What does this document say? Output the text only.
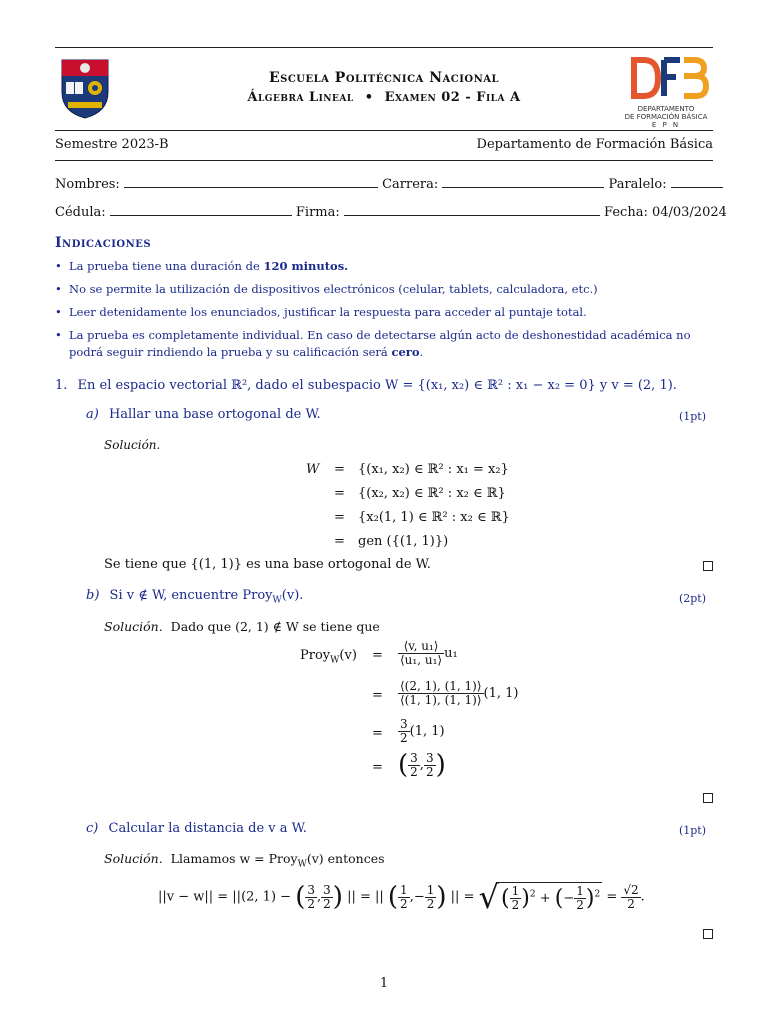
Escuela Politécnica Nacional
Álgebra Lineal • Examen 02 - Fila A
DEPARTAMENTO
DE FORMACIÓN BÁSICA
E P N
Semestre 2023-B	Departamento de Formación Básica
Nombres:	Carrera:	Paralelo:
Cédula:	Firma:	Fecha: 04/03/2024
Indicaciones
• La prueba tiene una duración de 120 minutos.
• No se permite la utilización de dispositivos electrónicos (celular, tablets, calculadora, etc.)
• Leer detenidamente los enunciados, justificar la respuesta para acceder al puntaje total.
• La prueba es completamente individual. En caso de detectarse algún acto de deshonestidad académica no podrá seguir rindiendo la prueba y su calificación será cero.
1. En el espacio vectorial ℝ², dado el subespacio W = {(x₁, x₂) ∈ ℝ² : x₁ − x₂ = 0} y v = (2, 1).
a) Hallar una base ortogonal de W.	(1pt)
Solución.
W = {(x₁, x₂) ∈ ℝ² : x₁ = x₂}
= {(x₂, x₂) ∈ ℝ² : x₂ ∈ ℝ}
= {x₂(1, 1) ∈ ℝ² : x₂ ∈ ℝ}
= gen ({(1, 1)})
Se tiene que {(1, 1)} es una base ortogonal de W.
b) Si v ∉ W, encuentre Proy$_W$(v).	(2pt)
Solución. Dado que (2, 1) ∉ W se tiene que
Proy$_W$(v) = $\frac{\text{⟨v, u₁⟩}}{\text{⟨u₁, u₁⟩}} u_1$
= $\frac{⟨(2, 1), (1, 1)⟩}{⟨(1, 1), (1, 1)⟩} (1$, 1)
= $\frac{3}{2} (1$, 1)
= ( $\frac{3}{2}$ , $\frac{3}{2}$ )
c) Calcular la distancia de v a W.	(1pt)
Solución. Llamamos w = Proy$_W$(v) entonces
||v − w|| = ||(2, 1) − ( $\frac{3}{2}$ , $\frac{3}{2}$ ) || = || ( $\frac{1}{2}$ ,− $\frac{1}{2}$ ) || = √( $\frac{1}{2} )^2$ + (− $\frac{1}{2} )^2 = \frac{√2}{2}$ .
1
